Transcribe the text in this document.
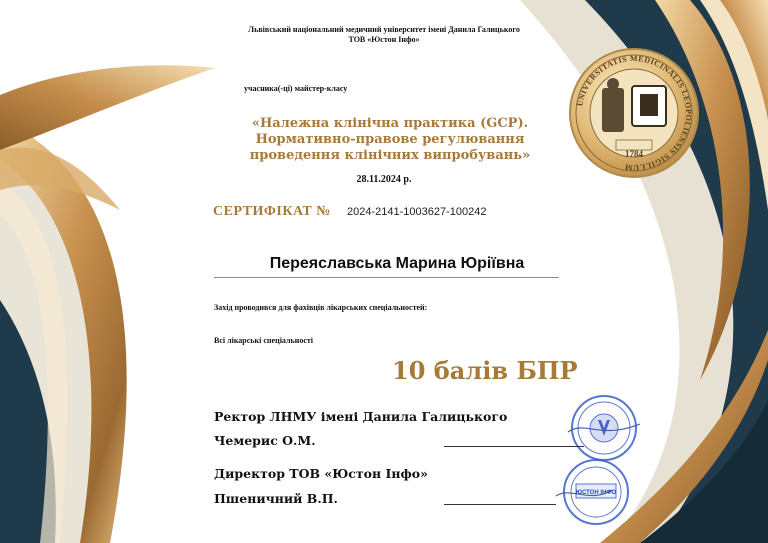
UNIVERSITATIS MEDICINALIS LEOPOLIENSIS SIGILLUM
1784
ЮСТОН ІНФО
Львівський національний медичний університет імені Данила Галицького
ТОВ «Юстон Інфо»
учасника(-ці) майстер-класу
«Належна клінічна практика (GCP).
Нормативно-правове регулювання
проведення клінічних випробувань»
28.11.2024 р.
СЕРТИФІКАТ № 2024-2141-1003627-100242
Переяславська Марина Юріївна
Захід проводився для фахівців лікарських спеціальностей:
Всі лікарські спеціальності
10 балів БПР
Ректор ЛНМУ імені Данила Галицького
Чемерис О.М.
Директор ТОВ «Юстон Інфо»
Пшеничний В.П.
